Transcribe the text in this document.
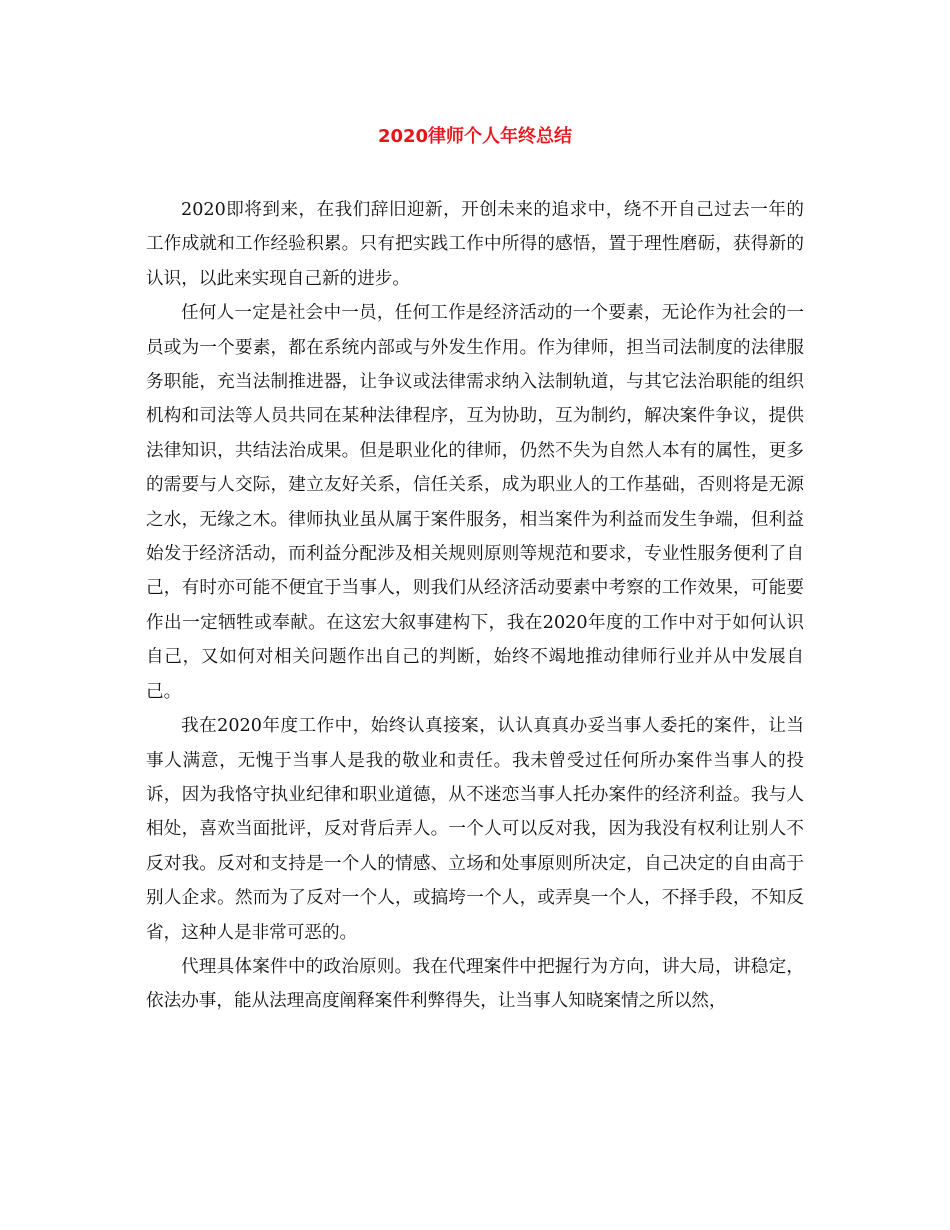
2020律师个人年终总结

2020即将到来，在我们辞旧迎新，开创未来的追求中，绕不开自己过去一年的工作成就和工作经验积累。只有把实践工作中所得的感悟，置于理性磨砺，获得新的认识，以此来实现自己新的进步。

任何人一定是社会中一员，任何工作是经济活动的一个要素，无论作为社会的一员或为一个要素，都在系统内部或与外发生作用。作为律师，担当司法制度的法律服务职能，充当法制推进器，让争议或法律需求纳入法制轨道，与其它法治职能的组织机构和司法等人员共同在某种法律程序，互为协助，互为制约，解决案件争议，提供法律知识，共结法治成果。但是职业化的律师，仍然不失为自然人本有的属性，更多的需要与人交际，建立友好关系，信任关系，成为职业人的工作基础，否则将是无源之水，无缘之木。律师执业虽从属于案件服务，相当案件为利益而发生争端，但利益始发于经济活动，而利益分配涉及相关规则原则等规范和要求，专业性服务便利了自己，有时亦可能不便宜于当事人，则我们从经济活动要素中考察的工作效果，可能要作出一定牺牲或奉献。在这宏大叙事建构下，我在2020年度的工作中对于如何认识自己，又如何对相关问题作出自己的判断，始终不竭地推动律师行业并从中发展自己。

我在2020年度工作中，始终认真接案，认认真真办妥当事人委托的案件，让当事人满意，无愧于当事人是我的敬业和责任。我未曾受过任何所办案件当事人的投诉，因为我恪守执业纪律和职业道德，从不迷恋当事人托办案件的经济利益。我与人相处，喜欢当面批评，反对背后弄人。一个人可以反对我，因为我没有权利让别人不反对我。反对和支持是一个人的情感、立场和处事原则所决定，自己决定的自由高于别人企求。然而为了反对一个人，或搞垮一个人，或弄臭一个人，不择手段，不知反省，这种人是非常可恶的。

代理具体案件中的政治原则。我在代理案件中把握行为方向，讲大局，讲稳定，依法办事，能从法理高度阐释案件利弊得失，让当事人知晓案情之所以然，
